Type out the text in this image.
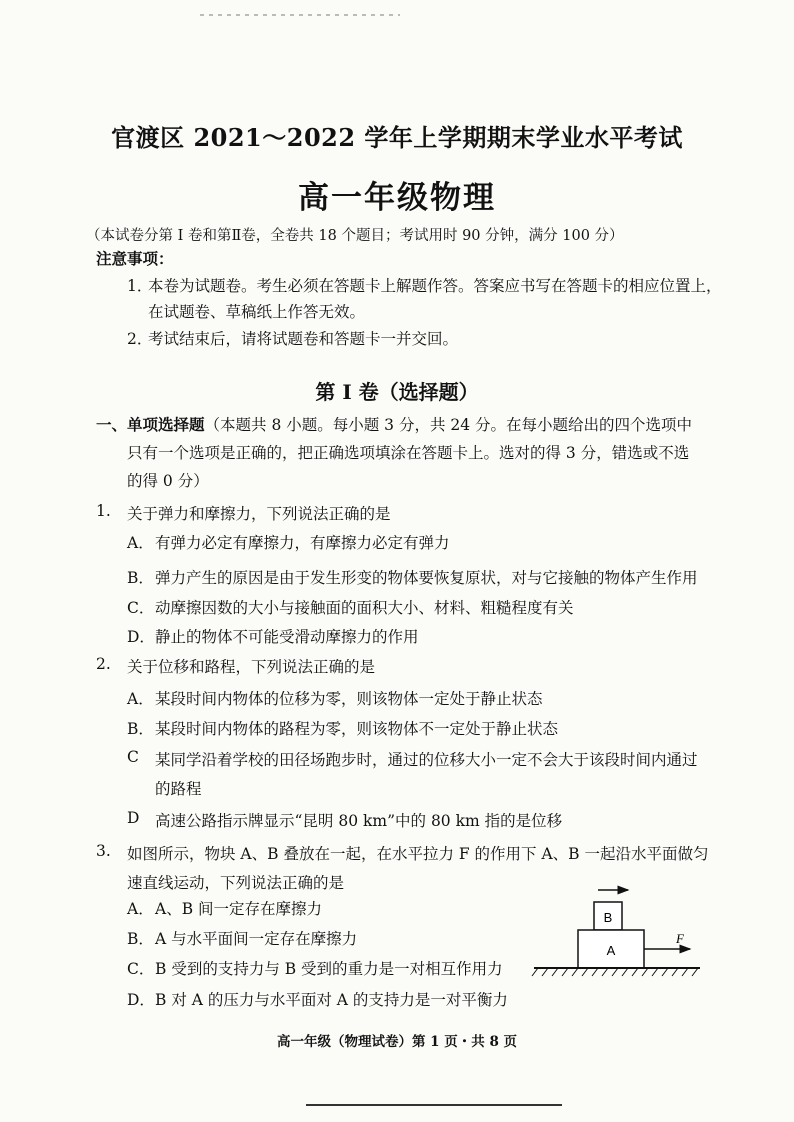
官渡区 2021～2022 学年上学期期末学业水平考试
高一年级物理
（本试卷分第 I 卷和第Ⅱ卷，全卷共 18 个题目；考试用时 90 分钟，满分 100 分）
注意事项：
1．
本卷为试题卷。考生必须在答题卡上解题作答。答案应书写在答题卡的相应位置上，
在试题卷、草稿纸上作答无效。
2．
考试结束后，请将试题卷和答题卡一并交回。
第 I 卷（选择题）
一、单项选择题（本题共 8 小题。每小题 3 分，共 24 分。在每小题给出的四个选项中
只有一个选项是正确的，把正确选项填涂在答题卡上。选对的得 3 分，错选或不选
的得 0 分）
1. 关于弹力和摩擦力，下列说法正确的是
A． 有弹力必定有摩擦力，有摩擦力必定有弹力
B． 弹力产生的原因是由于发生形变的物体要恢复原状，对与它接触的物体产生作用
C． 动摩擦因数的大小与接触面的面积大小、材料、粗糙程度有关
D． 静止的物体不可能受滑动摩擦力的作用
2. 关于位移和路程，下列说法正确的是
A． 某段时间内物体的位移为零，则该物体一定处于静止状态
B． 某段时间内物体的路程为零，则该物体不一定处于静止状态
C 某同学沿着学校的田径场跑步时，通过的位移大小一定不会大于该段时间内通过
的路程
D 高速公路指示牌显示“昆明 80 km”中的 80 km 指的是位移
3. 如图所示，物块 A、B 叠放在一起，在水平拉力 F 的作用下 A、B 一起沿水平面做匀
速直线运动，下列说法正确的是
A． A、B 间一定存在摩擦力
B． A 与水平面间一定存在摩擦力
C． B 受到的支持力与 B 受到的重力是一对相互作用力
D． B 对 A 的压力与水平面对 A 的支持力是一对平衡力
B
A
F
高一年级（物理试卷）第 1 页・共 8 页
